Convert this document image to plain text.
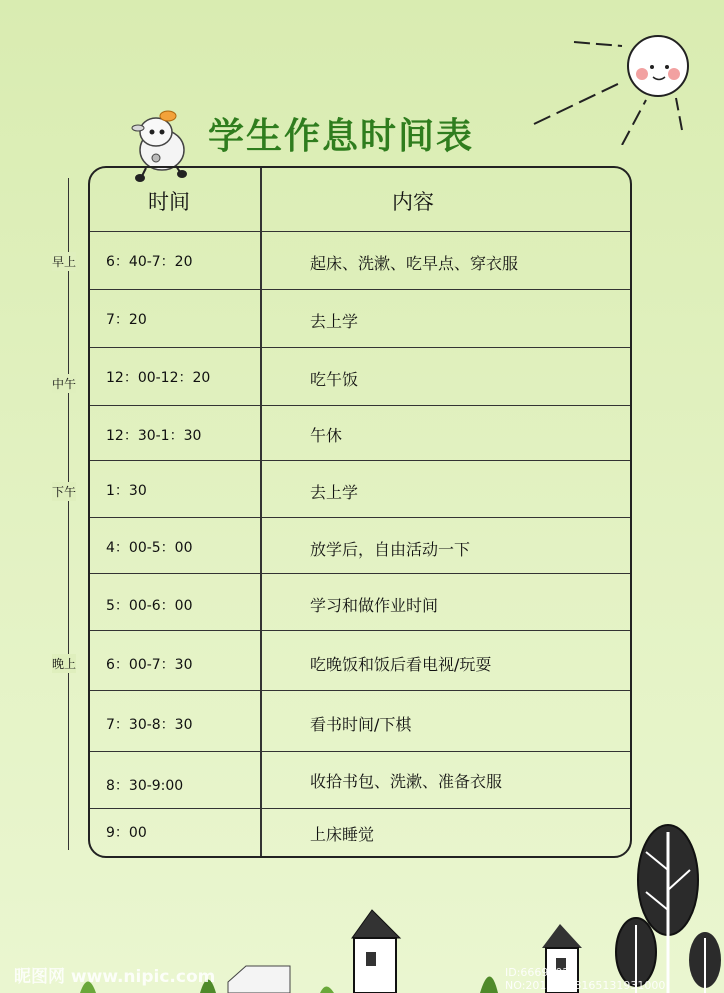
学生作息时间表
早上
中午
下午
晚上
时间	内容
6：40-7：20	起床、洗漱、吃早点、穿衣服
7：20	去上学
12：00-12：20	吃午饭
12：30-1：30	午休
1：30	去上学
4：00-5：00	放学后，自由活动一下
5：00-6：00	学习和做作业时间
6：00-7：30	吃晚饭和饭后看电视/玩耍
7：30-8：30	看书时间/下棋
8：30-9:00	收拾书包、洗漱、准备衣服
9：00	上床睡觉
昵图网 www.nipic.com	ID:6669202 NO:20161028165131931000
